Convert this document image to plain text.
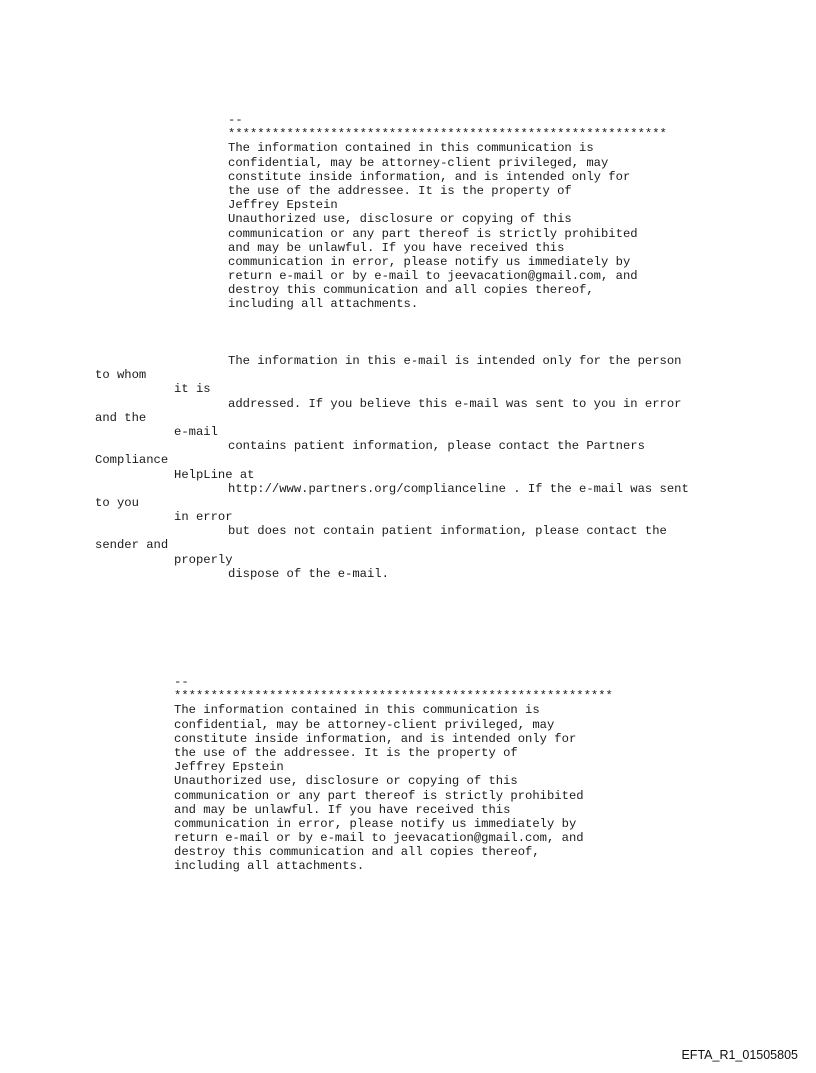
--
************************************************************
The information contained in this communication is
confidential, may be attorney-client privileged, may
constitute inside information, and is intended only for
the use of the addressee. It is the property of
Jeffrey Epstein
Unauthorized use, disclosure or copying of this
communication or any part thereof is strictly prohibited
and may be unlawful. If you have received this
communication in error, please notify us immediately by
return e-mail or by e-mail to jeevacation@gmail.com, and
destroy this communication and all copies thereof,
including all attachments.
The information in this e-mail is intended only for the person
to whom
it is
addressed. If you believe this e-mail was sent to you in error
and the
e-mail
contains patient information, please contact the Partners
Compliance
HelpLine at
http://www.partners.org/complianceline . If the e-mail was sent
to you
in error
but does not contain patient information, please contact the
sender and
properly
dispose of the e-mail.
--
************************************************************
The information contained in this communication is
confidential, may be attorney-client privileged, may
constitute inside information, and is intended only for
the use of the addressee. It is the property of
Jeffrey Epstein
Unauthorized use, disclosure or copying of this
communication or any part thereof is strictly prohibited
and may be unlawful. If you have received this
communication in error, please notify us immediately by
return e-mail or by e-mail to jeevacation@gmail.com, and
destroy this communication and all copies thereof,
including all attachments.
EFTA_R1_01505805
